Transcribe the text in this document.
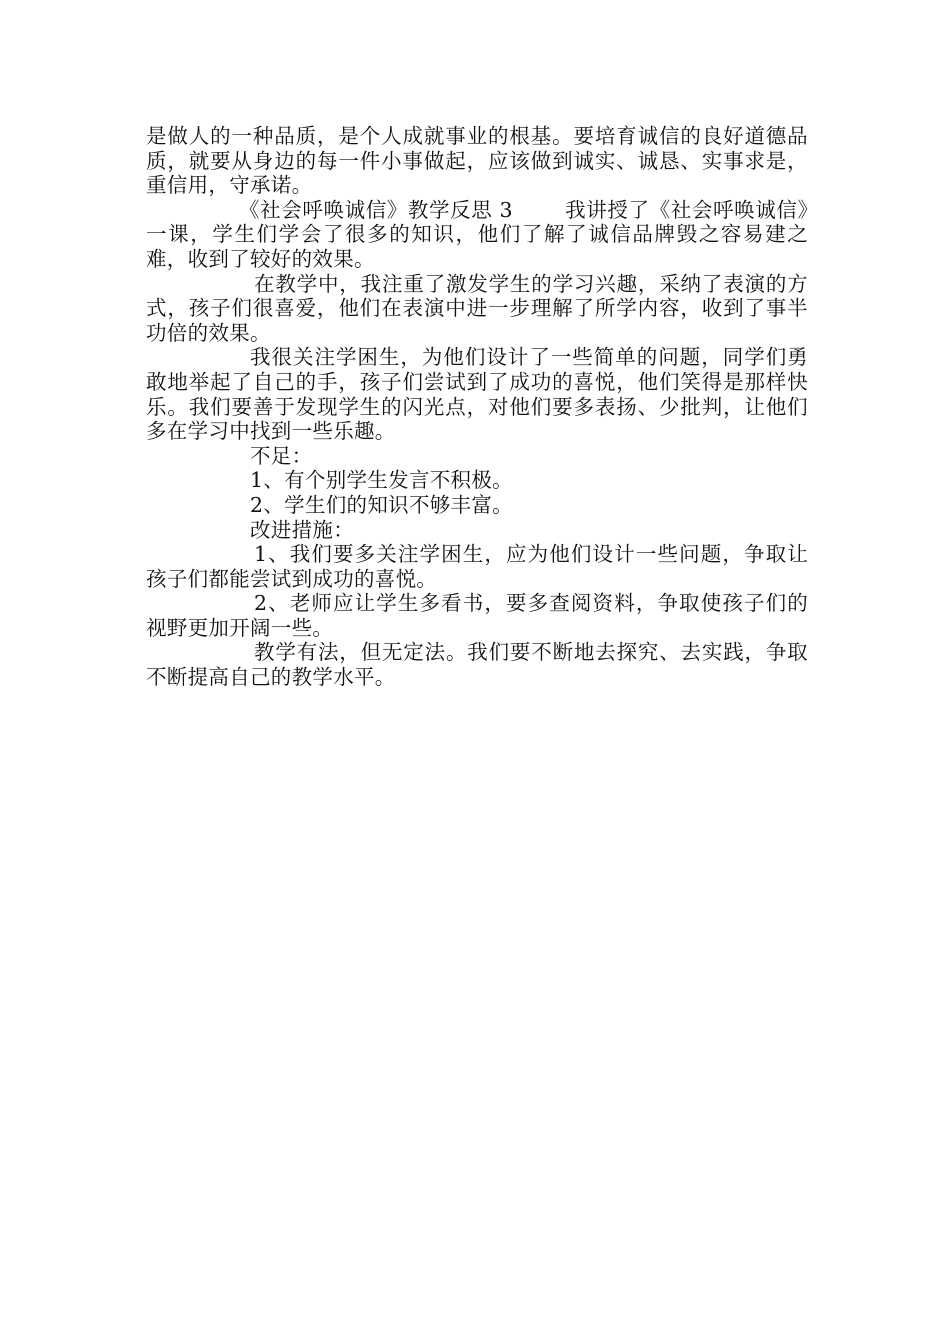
是做人的一种品质，是个人成就事业的根基。要培育诚信的良好道德品质，就要从身边的每一件小事做起，应该做到诚实、诚恳、实事求是，重信用，守承诺。

《社会呼唤诚信》教学反思 3	我讲授了《社会呼唤诚信》一课，学生们学会了很多的知识，他们了解了诚信品牌毁之容易建之难，收到了较好的效果。

在教学中，我注重了激发学生的学习兴趣，采纳了表演的方式，孩子们很喜爱，他们在表演中进一步理解了所学内容，收到了事半功倍的效果。

我很关注学困生，为他们设计了一些简单的问题，同学们勇敢地举起了自己的手，孩子们尝试到了成功的喜悦，他们笑得是那样快乐。我们要善于发现学生的闪光点，对他们要多表扬、少批判，让他们多在学习中找到一些乐趣。

不足：

1、有个别学生发言不积极。

2、学生们的知识不够丰富。

改进措施：

1、我们要多关注学困生，应为他们设计一些问题，争取让孩子们都能尝试到成功的喜悦。

2、老师应让学生多看书，要多查阅资料，争取使孩子们的视野更加开阔一些。

教学有法，但无定法。我们要不断地去探究、去实践，争取不断提高自己的教学水平。
